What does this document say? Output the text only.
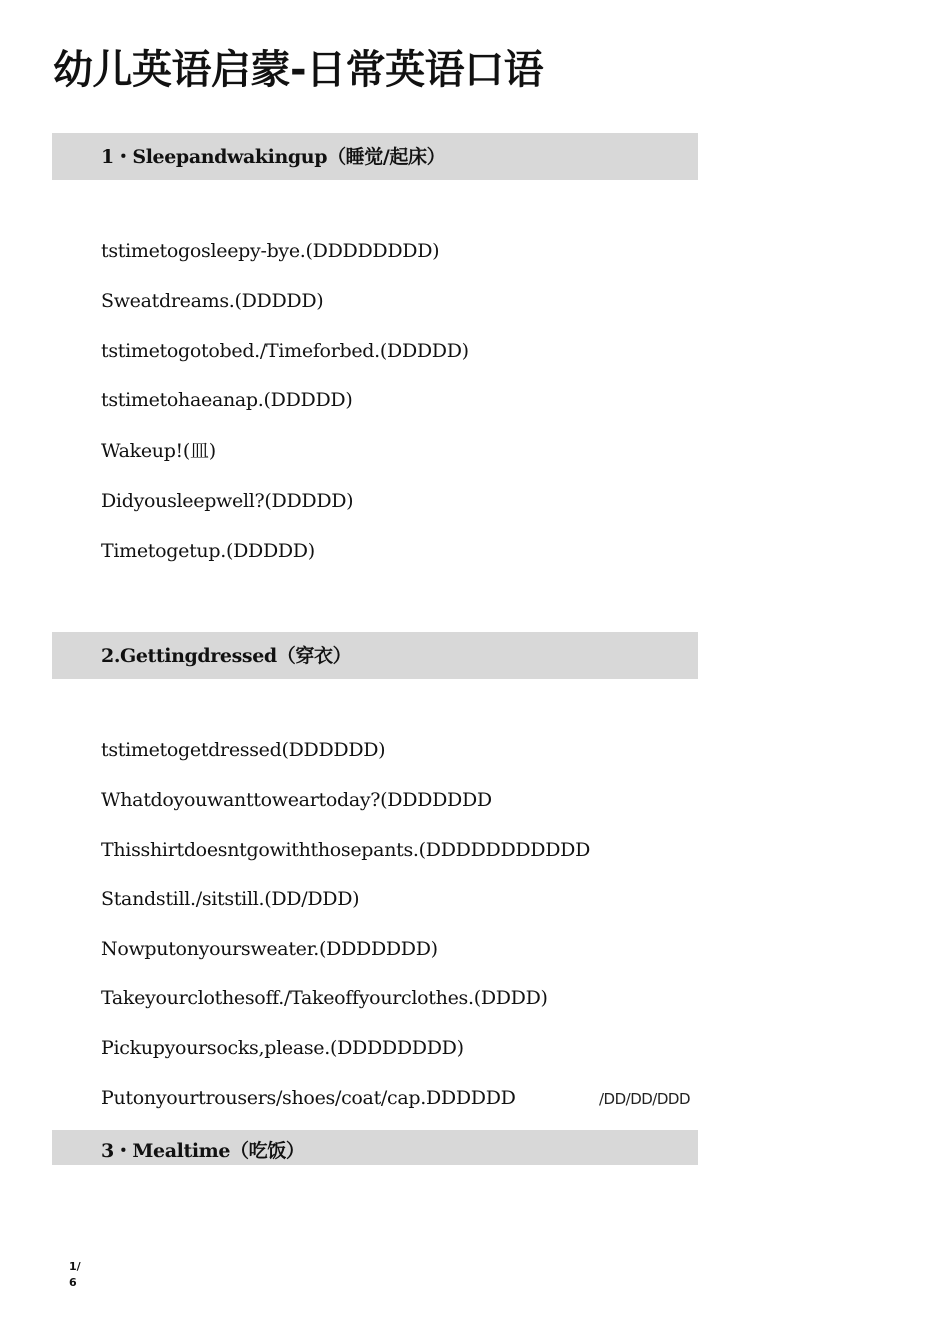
幼儿英语启蒙-日常英语口语
1・Sleepandwakingup（睡觉/起床）
tstimetogosleepy-bye.(DDDDDDDD)
Sweatdreams.(DDDDD)
tstimetogotobed./Timeforbed.(DDDDD)
tstimetohaeanap.(DDDDD)
Wakeup!(皿)
Didyousleepwell?(DDDDD)
Timetogetup.(DDDDD)
2.Gettingdressed（穿衣）
tstimetogetdressed(DDDDDD)
Whatdoyouwanttoweartoday?(DDDDDDD
Thisshirtdoesntgowiththosepants.(DDDDDDDDDDD
Standstill./sitstill.(DD/DDD)
Nowputonyoursweater.(DDDDDDD)
Takeyourclothesoff./Takeoffyourclothes.(DDDD)
Pickupyoursocks,please.(DDDDDDDD)
Putonyourtrousers/shoes/coat/cap.DDDDDD	/DD/DD/DDD
3・Mealtime（吃饭）
1/
6
